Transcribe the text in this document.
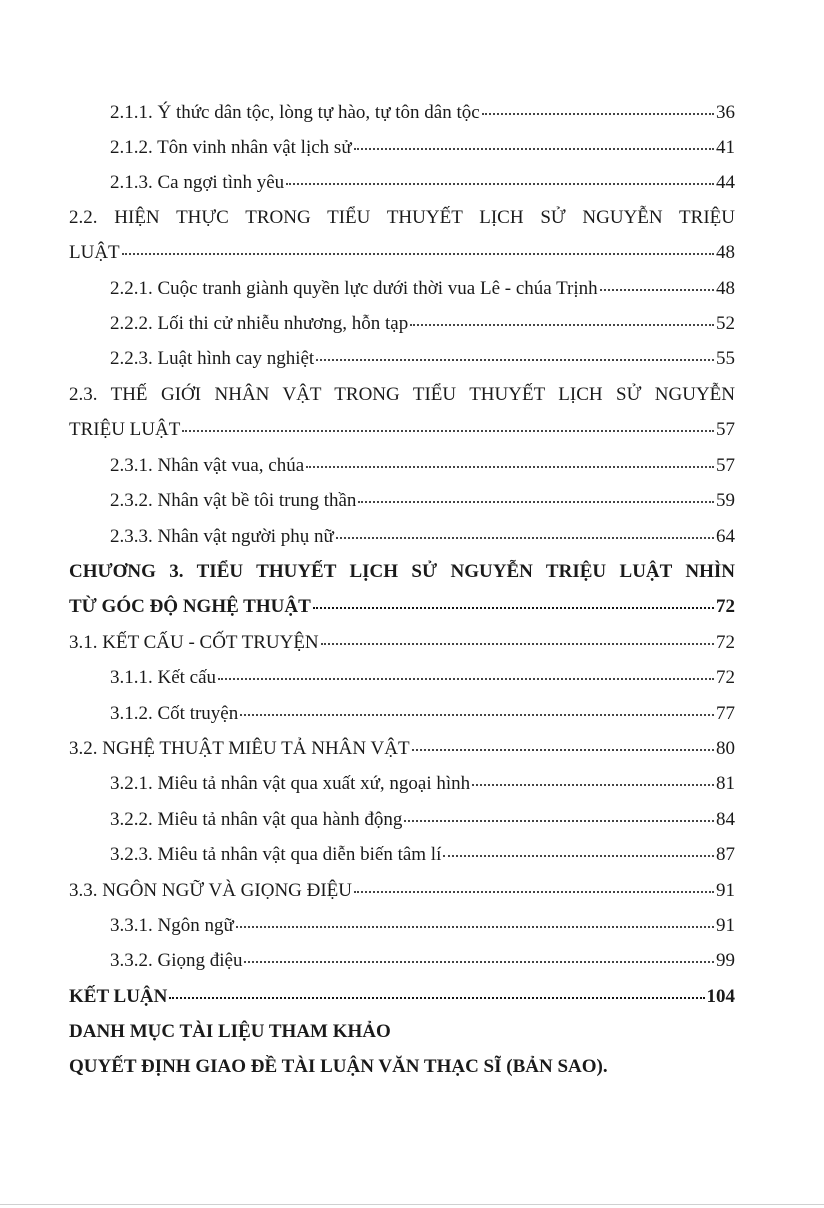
2.1.1. Ý thức dân tộc, lòng tự hào, tự tôn dân tộc	36
2.1.2. Tôn vinh nhân vật lịch sử	41
2.1.3. Ca ngợi tình yêu	44
2.2. HIỆN THỰC TRONG TIỂU THUYẾT LỊCH SỬ NGUYỄN TRIỆU
LUẬT	48
2.2.1. Cuộc tranh giành quyền lực dưới thời vua Lê - chúa Trịnh	48
2.2.2. Lối thi cử nhiễu nhương, hỗn tạp	52
2.2.3. Luật hình cay nghiệt	55
2.3. THẾ GIỚI NHÂN VẬT TRONG TIỂU THUYẾT LỊCH SỬ NGUYỄN
TRIỆU LUẬT	57
2.3.1. Nhân vật vua, chúa	57
2.3.2. Nhân vật bề tôi trung thần	59
2.3.3. Nhân vật người phụ nữ	64
CHƯƠNG 3. TIỂU THUYẾT LỊCH SỬ NGUYỄN TRIỆU LUẬT NHÌN
TỪ GÓC ĐỘ NGHỆ THUẬT	72
3.1. KẾT CẤU - CỐT TRUYỆN	72
3.1.1. Kết cấu	72
3.1.2. Cốt truyện	77
3.2. NGHỆ THUẬT MIÊU TẢ NHÂN VẬT	80
3.2.1. Miêu tả nhân vật qua xuất xứ, ngoại hình	81
3.2.2. Miêu tả nhân vật qua hành động	84
3.2.3. Miêu tả nhân vật qua diễn biến tâm lí	87
3.3. NGÔN NGỮ VÀ GIỌNG ĐIỆU	91
3.3.1. Ngôn ngữ	91
3.3.2. Giọng điệu	99
KẾT LUẬN	104
DANH MỤC TÀI LIỆU THAM KHẢO
QUYẾT ĐỊNH GIAO ĐỀ TÀI LUẬN VĂN THẠC SĨ (BẢN SAO).
